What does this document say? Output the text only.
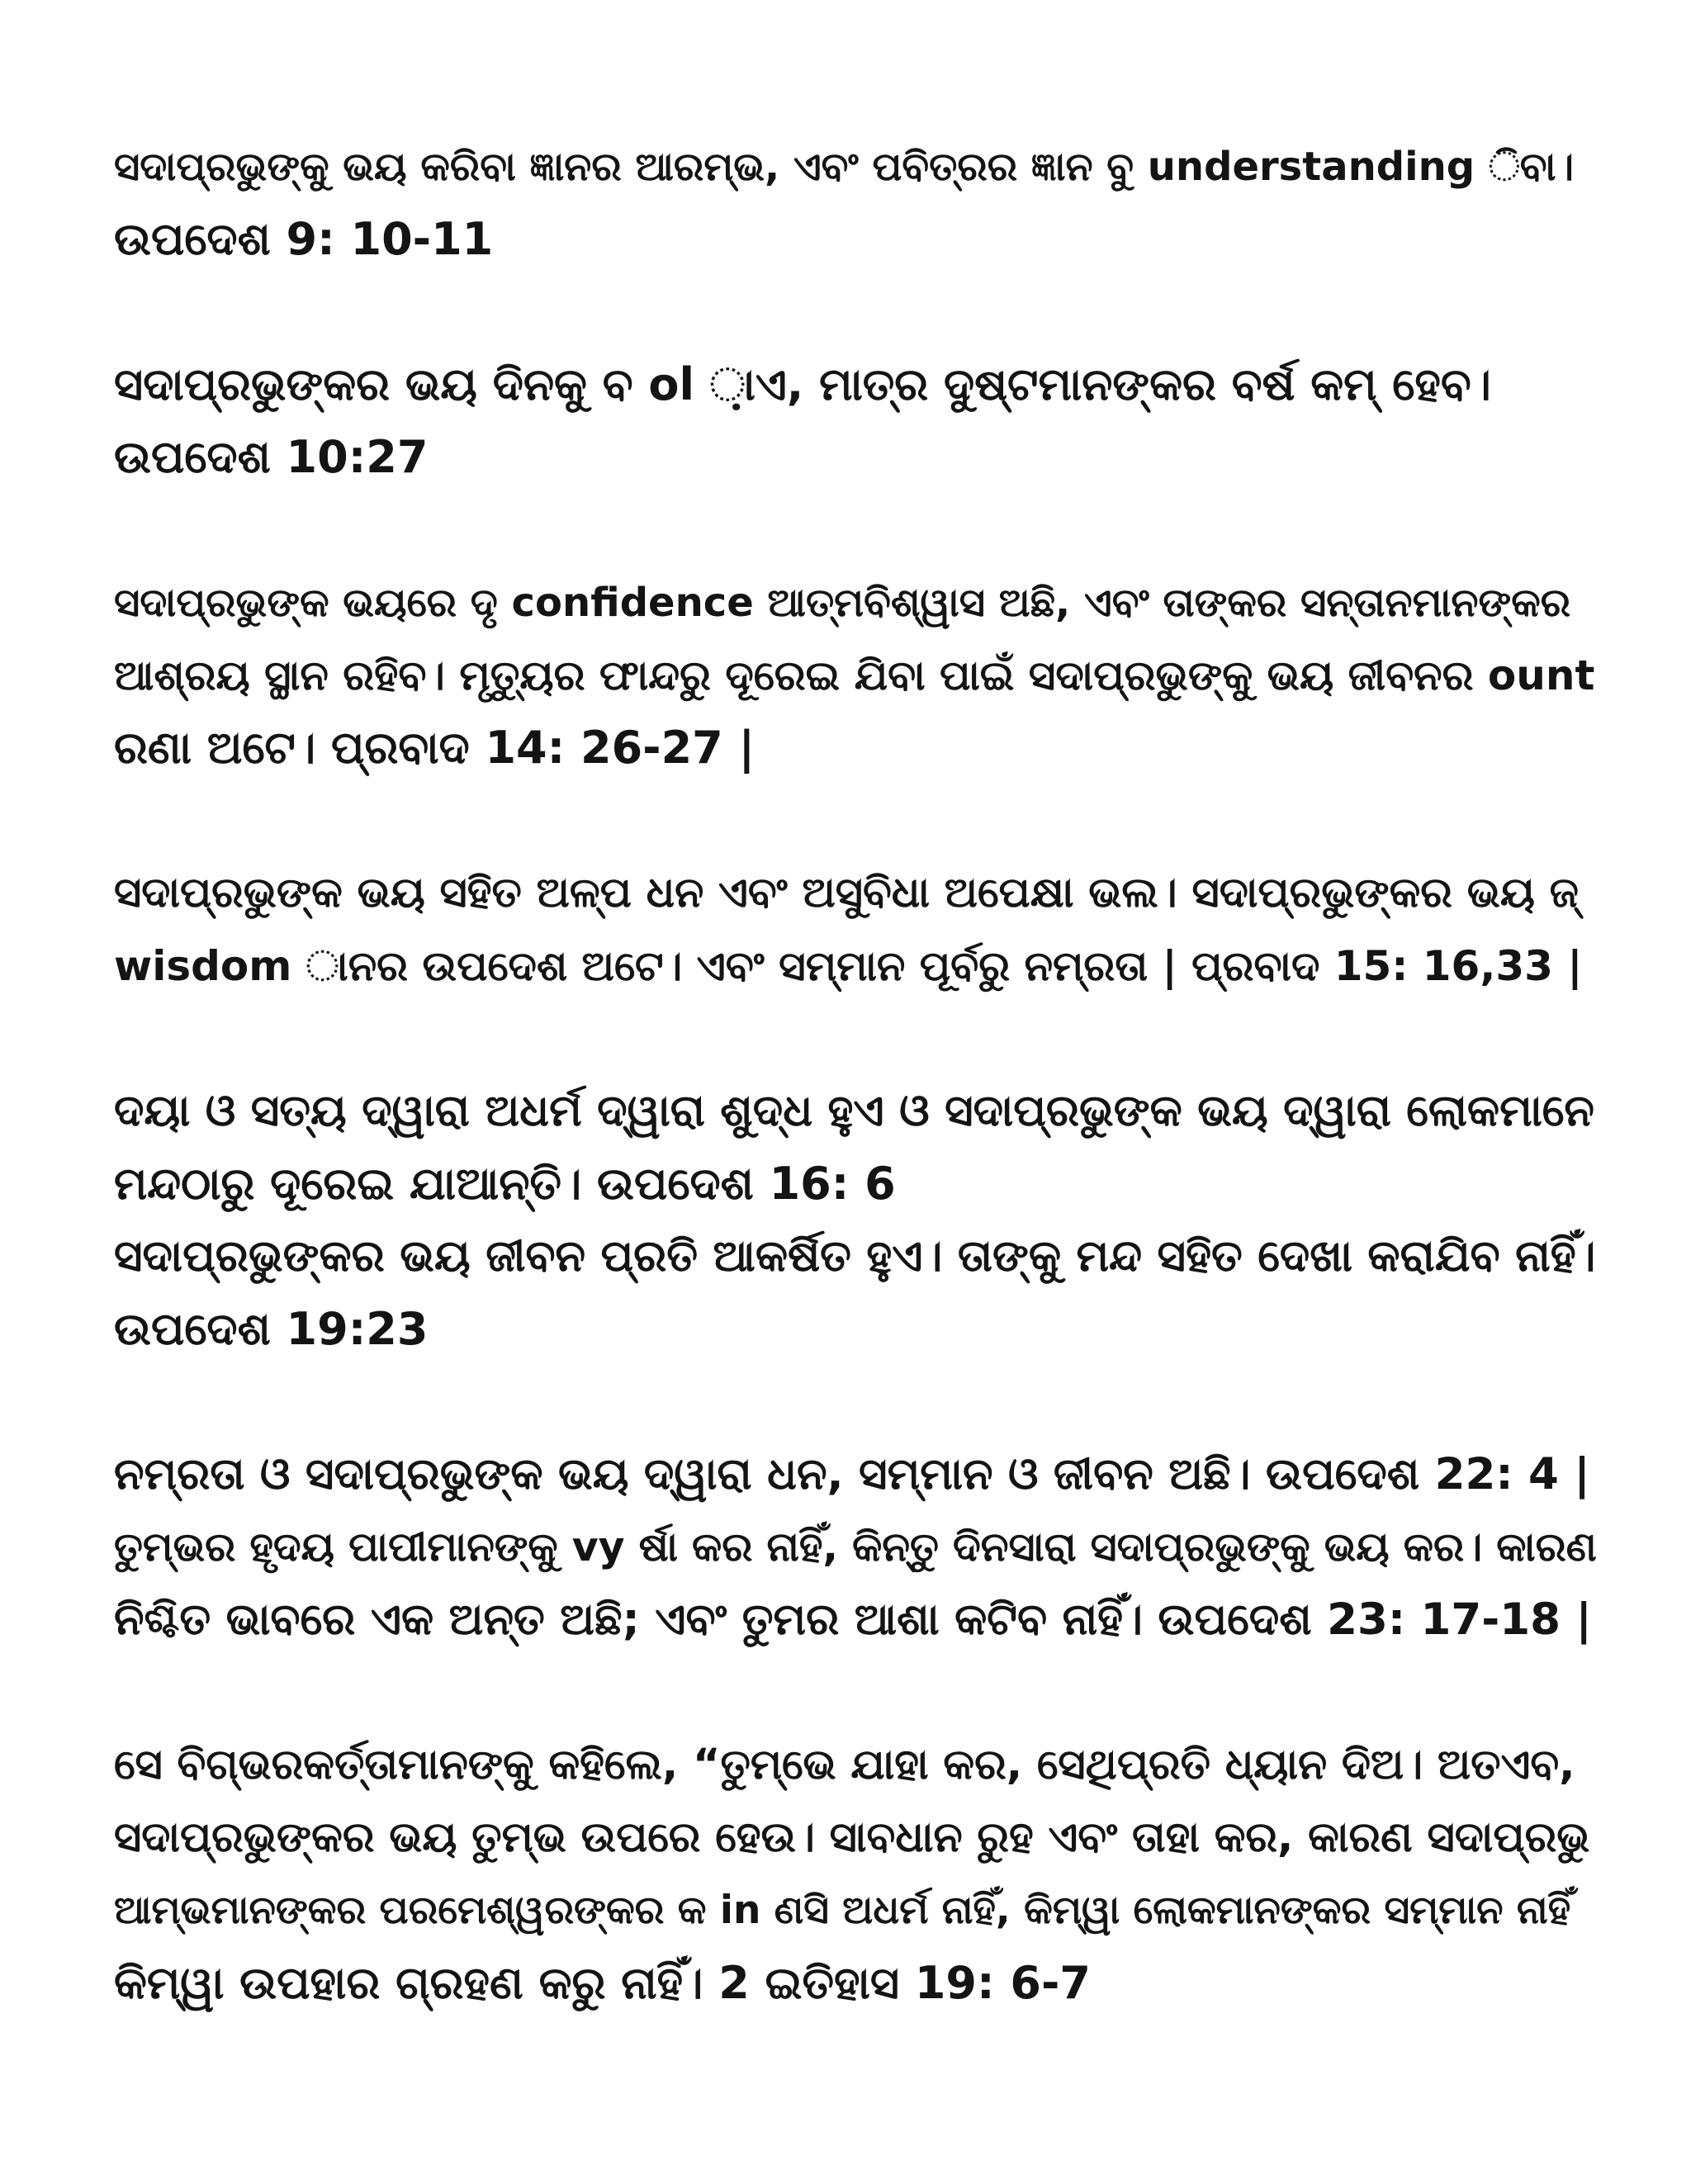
ସଦାପ୍ରଭୁଙ୍କୁ ଭୟ କରିବା ଜ୍ଞାନର ଆରମ୍ଭ, ଏବଂ ପବିତ୍ରର ଜ୍ଞାନ ବୁ understanding ିବା।
ଉପଦେଶ 9: 10-11
ସଦାପ୍ରଭୁଙ୍କର ଭୟ ଦିନକୁ ବ ol ଼ାଏ, ମାତ୍ର ଦୁଷ୍ଟମାନଙ୍କର ବର୍ଷ କମ୍ ହେବ।
ଉପଦେଶ 10:27
ସଦାପ୍ରଭୁଙ୍କ ଭୟରେ ଦୃ confidence ଆତ୍ମବିଶ୍ୱାସ ଅଛି, ଏବଂ ତାଙ୍କର ସନ୍ତାନମାନଙ୍କର
ଆଶ୍ରୟ ସ୍ଥାନ ରହିବ। ମୃତ୍ୟୁର ଫାନ୍ଦରୁ ଦୂରେଇ ଯିବା ପାଇଁ ସଦାପ୍ରଭୁଙ୍କୁ ଭୟ ଜୀବନର ount
ରଣା ଅଟେ। ପ୍ରବାଦ 14: 26-27 |
ସଦାପ୍ରଭୁଙ୍କ ଭୟ ସହିତ ଅଳ୍ପ ଧନ ଏବଂ ଅସୁବିଧା ଅପେକ୍ଷା ଭଲ। ସଦାପ୍ରଭୁଙ୍କର ଭୟ ଜ୍
wisdom ାନର ଉପଦେଶ ଅଟେ। ଏବଂ ସମ୍ମାନ ପୂର୍ବରୁ ନମ୍ରତା | ପ୍ରବାଦ 15: 16,33 |
ଦୟା ଓ ସତ୍ୟ ଦ୍ୱାରା ଅଧର୍ମ ଦ୍ୱାରା ଶୁଦ୍ଧ ହୁଏ ଓ ସଦାପ୍ରଭୁଙ୍କ ଭୟ ଦ୍ୱାରା ଲୋକମାନେ
ମନ୍ଦଠାରୁ ଦୂରେଇ ଯାଆନ୍ତି। ଉପଦେଶ 16: 6
ସଦାପ୍ରଭୁଙ୍କର ଭୟ ଜୀବନ ପ୍ରତି ଆକର୍ଷିତ ହୁଏ। ତାଙ୍କୁ ମନ୍ଦ ସହିତ ଦେଖା କରାଯିବ ନାହିଁ।
ଉପଦେଶ 19:23
ନମ୍ରତା ଓ ସଦାପ୍ରଭୁଙ୍କ ଭୟ ଦ୍ୱାରା ଧନ, ସମ୍ମାନ ଓ ଜୀବନ ଅଛି। ଉପଦେଶ 22: 4 |
ତୁମ୍ଭର ହୃଦୟ ପାପୀମାନଙ୍କୁ vy ର୍ଷା କର ନାହିଁ, କିନ୍ତୁ ଦିନସାରା ସଦାପ୍ରଭୁଙ୍କୁ ଭୟ କର। କାରଣ
ନିଶ୍ଚିତ ଭାବରେ ଏକ ଅନ୍ତ ଅଛି; ଏବଂ ତୁମର ଆଶା କଟିବ ନାହିଁ। ଉପଦେଶ 23: 17-18 |
ସେ ବିଗ୍ଭରକର୍ତ୍ତାମାନଙ୍କୁ କହିଲେ, “ତୁମ୍ଭେ ଯାହା କର, ସେଥିପ୍ରତି ଧ୍ୟାନ ଦିଅ। ଅତଏବ,
ସଦାପ୍ରଭୁଙ୍କର ଭୟ ତୁମ୍ଭ ଉପରେ ହେଉ। ସାବଧାନ ରୁହ ଏବଂ ତାହା କର, କାରଣ ସଦାପ୍ରଭୁ
ଆମ୍ଭମାନଙ୍କର ପରମେଶ୍ୱରଙ୍କର କ in ଣସି ଅଧର୍ମ ନାହିଁ, କିମ୍ୱା ଲୋକମାନଙ୍କର ସମ୍ମାନ ନାହିଁ
କିମ୍ୱା ଉପହାର ଗ୍ରହଣ କରୁ ନାହିଁ। 2 ଇତିହାସ 19: 6-7
